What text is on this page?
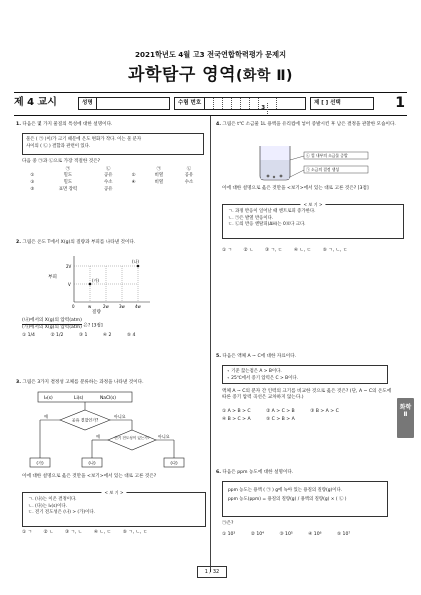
2021학년도 4월 고3 전국연합학력평가 문제지
과학탐구 영역(화학 Ⅱ)
제 4 교시	성명	수험 번호3
제 [ ] 선택	1
1. 다음은 몇 가지 물질의 특성에 대한 설명이다.
물은 ( ㉠ )이/가 크기 때문에 온도 변화가 작다. 이는 물 분자
사이의 ( ㉡ ) 결합과 관련이 있다.
다음 중 ㉠과 ㉡으로 가장 적절한 것은?
	㉠	㉡		㉠	㉡
①	밀도	공유	②	비열	공유
③	밀도	수소	④	비열	수소
⑤	표면 장력	공유			
2. 그림은 온도 T에서 X(g)의 질량과 부피를 나타낸 것이다.
부피
2V
V
0	w	2w	3w	4w
(가)
(나)
질량
(나)에서의 X(g)의 압력(atm)
(가)에서의 X(g)의 압력(atm) 은? [3점]
① 1/4	② 1/2	③ 1	④ 2	⑤ 4
3. 그림은 3가지 결정성 고체를 분류하는 과정을 나타낸 것이다.
I₂(s)	Li(s)	NaCl(s)
공유 결합인가?
예	아니요
전기 전도성이 있는가?
예	아니요
(가)	(나)	(다)
이에 대한 설명으로 옳은 것만을 <보기>에서 있는 대로 고른 것은?
< 보 기 >
ㄱ. (나)는 이온 결정이다.
ㄴ. (다)는 I₂(s)이다.
ㄷ. 전기 전도성은 (나) > (가)이다.
① ㄱ ② ㄴ ③ ㄱ, ㄴ ④ ㄴ, ㄷ ⑤ ㄱ, ㄴ, ㄷ
4. 그림은 t℃ 소금물 1L 용액을 유리컵에 넣어 증발시킨 후 남은 결정을 관찰한 모습이다.
㉠ 소금의 결정 생성
㉡ 컵 내부의 소금물 증발
이에 대한 설명으로 옳은 것만을 <보기>에서 있는 대로 고른 것은? [3점]
< 보 기 >
ㄱ. 과정 반응이 일어날 때 엔트로피 증가한다.
ㄴ. ㉠은 발열 반응이다.
ㄷ. ㉡의 반응 엔탈피(ΔH)는 0보다 크다.
① ㄱ ② ㄴ ③ ㄱ, ㄷ ④ ㄴ, ㄷ ⑤ ㄱ, ㄴ, ㄷ
5. 다음은 액체 A ~ C에 대한 자료이다.
∘ 기준 끓는점은 A > B이다.
∘ 25℃에서 증기 압력은 C > B이다.
액체 A ~ C의 분자 간 인력의 크기를 비교한 것으로 옳은 것은? (단, A ~ C의 온도에 따른 증기 압력 곡선은 교차하지 않는다.)
① A > B > C	② A > C > B	③ B > A > C
④ B > C > A	⑤ C > B > A
6. 다음은 ppm 농도에 대한 설명이다.
ppm 농도는 용액 ( ㉠ ) g에 녹아 있는 용질의 질량(g)이다.
ppm 농도(ppm) = 용질의 질량(g) / 용액의 질량(g) × ( ㉡ )
㉠은?
① 10³	② 10⁴	③ 10⁵	④ 10⁶	⑤ 10⁷
화학 Ⅱ
1 / 32
